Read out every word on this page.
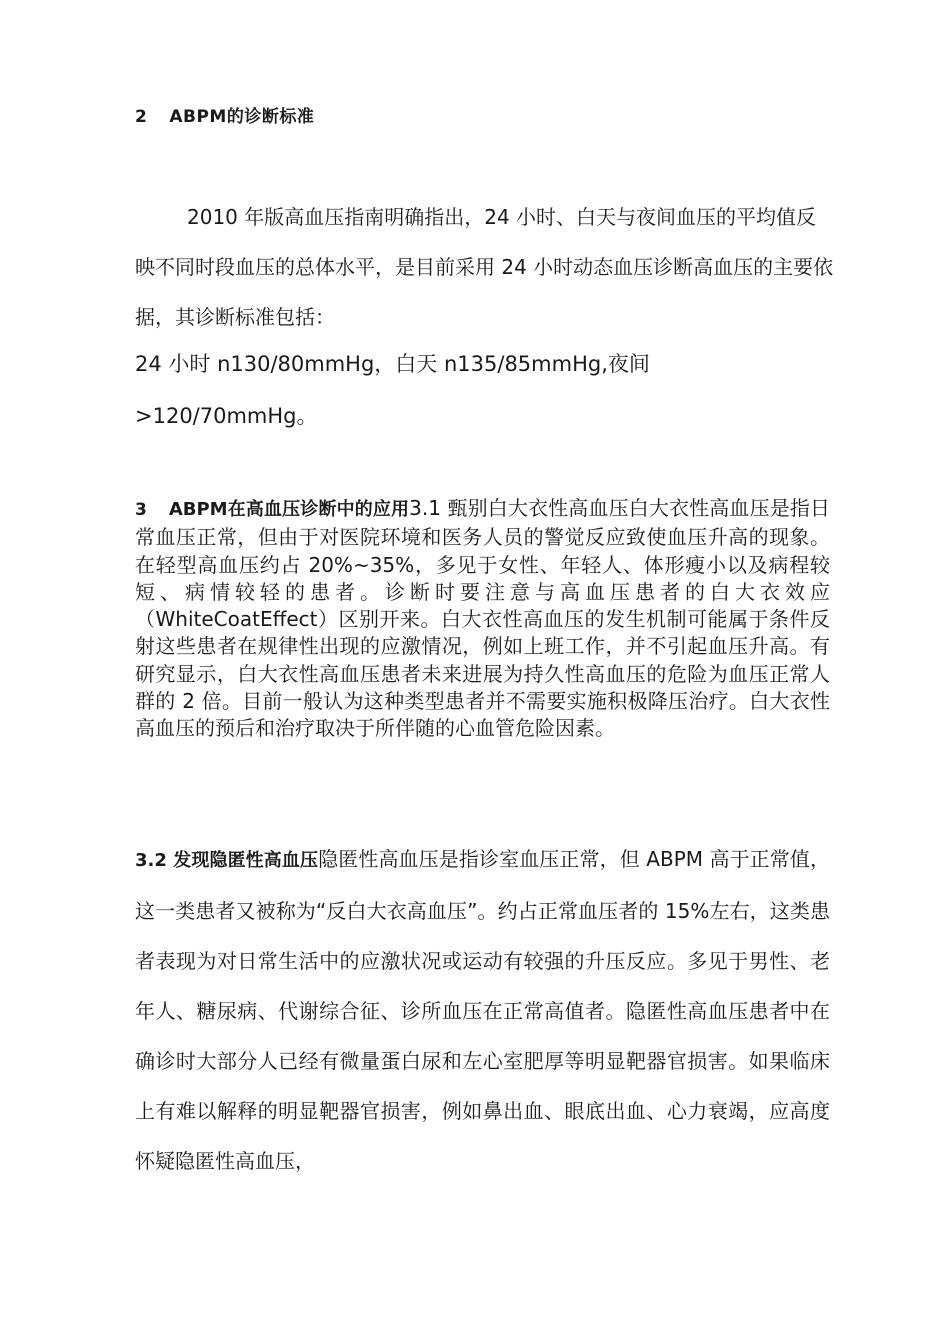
2 ABPM的诊断标准

2010 年版高血压指南明确指出，24 小时、白天与夜间血压的平均值反映不同时段血压的总体水平，是目前采用 24 小时动态血压诊断高血压的主要依据，其诊断标准包括：

24 小时 n130/80mmHg，白天 n135/85mmHg,夜间 >120/70mmHg。

3 ABPM在高血压诊断中的应用3.1 甄别白大衣性高血压白大衣性高血压是指日常血压正常，但由于对医院环境和医务人员的警觉反应致使血压升高的现象。在轻型高血压约占 20%~35%，多见于女性、年轻人、体形瘦小以及病程较短、病情较轻的患者。诊断时要注意与高血压患者的白大衣效应（WhiteCoatEffect）区别开来。白大衣性高血压的发生机制可能属于条件反射这些患者在规律性出现的应激情况，例如上班工作，并不引起血压升高。有研究显示，白大衣性高血压患者未来进展为持久性高血压的危险为血压正常人群的 2 倍。目前一般认为这种类型患者并不需要实施积极降压治疗。白大衣性高血压的预后和治疗取决于所伴随的心血管危险因素。

3.2 发现隐匿性高血压隐匿性高血压是指诊室血压正常，但 ABPM 高于正常值，这一类患者又被称为“反白大衣高血压”。约占正常血压者的 15%左右，这类患者表现为对日常生活中的应激状况或运动有较强的升压反应。多见于男性、老年人、糖尿病、代谢综合征、诊所血压在正常高值者。隐匿性高血压患者中在确诊时大部分人已经有微量蛋白尿和左心室肥厚等明显靶器官损害。如果临床上有难以解释的明显靶器官损害，例如鼻出血、眼底出血、心力衰竭，应高度怀疑隐匿性高血压，
